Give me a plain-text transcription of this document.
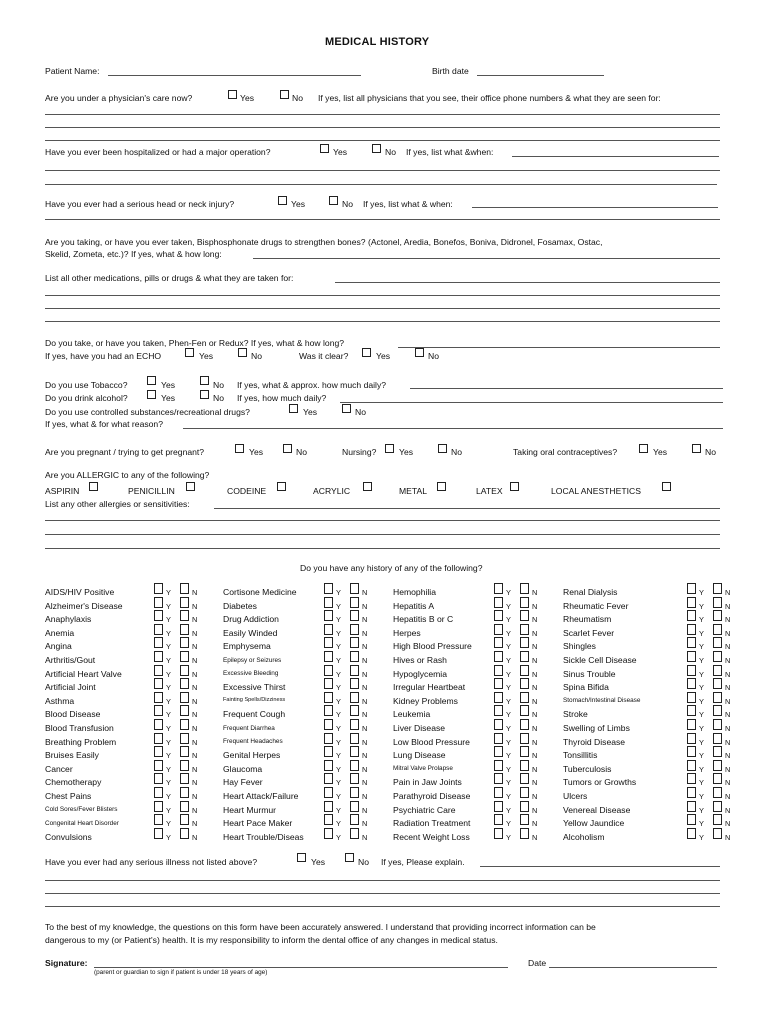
MEDICAL HISTORY
Patient Name:	Birth date
Are you under a physician's care now?	Yes	No If yes, list all physicians that you see, their office phone numbers & what they are seen for:
Have you ever been hospitalized or had a major operation?	Yes	No If yes, list what &when:
Have you ever had a serious head or neck injury?	Yes	No If yes, list what & when:
Are you taking, or have you ever taken, Bisphosphonate drugs to strengthen bones? (Actonel, Aredia, Bonefos, Boniva, Didronel, Fosamax, Ostac,
Skelid, Zometa, etc.)? If yes, what & how long:
List all other medications, pills or drugs & what they are taken for:
Do you take, or have you taken, Phen-Fen or Redux? If yes, what & how long?
If yes, have you had an ECHO	Yes	No	Was it clear?	Yes	No
Do you use Tobacco?	Yes	No If yes, what & approx. how much daily?
Do you drink alcohol?	Yes	No If yes, how much daily?
Do you use controlled substances/recreational drugs?	Yes	No
If yes, what & for what reason?
Are you pregnant / trying to get pregnant?	Yes	No	Nursing?	Yes	No	Taking oral contraceptives?	Yes	No
Are you ALLERGIC to any of the following?
ASPIRIN	PENICILLIN	CODEINE	ACRYLIC	METAL	LATEX	LOCAL ANESTHETICS
List any other allergies or sensitivities:
Do you have any history of any of the following?
AIDS/HIV Positive	Y	N
Alzheimer's Disease	Y	N
Anaphylaxis	Y	N
Anemia	Y	N
Angina	Y	N
Arthritis/Gout	Y	N
Artificial Heart Valve	Y	N
Artificial Joint	Y	N
Asthma	Y	N
Blood Disease	Y	N
Blood Transfusion	Y	N
Breathing Problem	Y	N
Bruises Easily	Y	N
Cancer	Y	N
Chemotherapy	Y	N
Chest Pains	Y	N
Cold Sores/Fever Blisters	Y	N
Congenital Heart Disorder	Y	N
Convulsions	Y	N
Cortisone Medicine	Y	N
Diabetes	Y	N
Drug Addiction	Y	N
Easily Winded	Y	N
Emphysema	Y	N
Epilepsy or Seizures	Y	N
Excessive Bleeding	Y	N
Excessive Thirst	Y	N
Fainting Spells/Dizziness	Y	N
Frequent Cough	Y	N
Frequent Diarrhea	Y	N
Frequent Headaches	Y	N
Genital Herpes	Y	N
Glaucoma	Y	N
Hay Fever	Y	N
Heart Attack/Failure	Y	N
Heart Murmur	Y	N
Heart Pace Maker	Y	N
Heart Trouble/Diseas	Y	N
Hemophilia	Y	N
Hepatitis A	Y	N
Hepatitis B or C	Y	N
Herpes	Y	N
High Blood Pressure	Y	N
Hives or Rash	Y	N
Hypoglycemia	Y	N
Irregular Heartbeat	Y	N
Kidney Problems	Y	N
Leukemia	Y	N
Liver Disease	Y	N
Low Blood Pressure	Y	N
Lung Disease	Y	N
Mitral Valve Prolapse	Y	N
Pain in Jaw Joints	Y	N
Parathyroid Disease	Y	N
Psychiatric Care	Y	N
Radiation Treatment	Y	N
Recent Weight Loss	Y	N
Renal Dialysis	Y	N
Rheumatic Fever	Y	N
Rheumatism	Y	N
Scarlet Fever	Y	N
Shingles	Y	N
Sickle Cell Disease	Y	N
Sinus Trouble	Y	N
Spina Bifida	Y	N
Stomach/Intestinal Disease	Y	N
Stroke	Y	N
Swelling of Limbs	Y	N
Thyroid Disease	Y	N
Tonsillitis	Y	N
Tuberculosis	Y	N
Tumors or Growths	Y	N
Ulcers	Y	N
Venereal Disease	Y	N
Yellow Jaundice	Y	N
Alcoholism	Y	N
Have you ever had any serious illness not listed above?	Yes	No If yes, Please explain.
To the best of my knowledge, the questions on this form have been accurately answered. I understand that providing incorrect information can be
dangerous to my (or Patient's) health. It is my responsibility to inform the dental office of any changes in medical status.
Signature:
(parent or guardian to sign if patient is under 18 years of age)
Date
